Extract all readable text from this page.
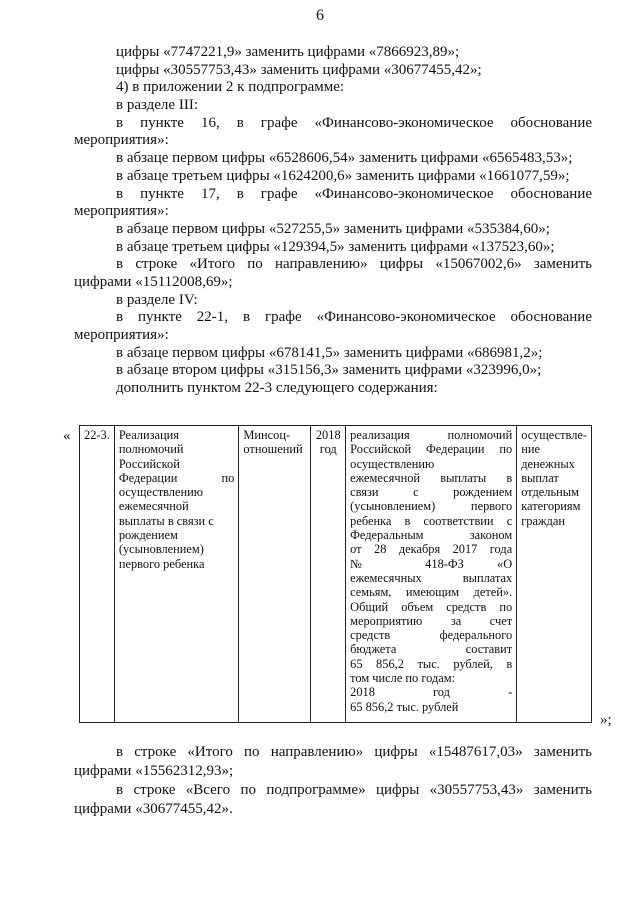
6
цифры «7747221,9» заменить цифрами «7866923,89»;
цифры «30557753,43» заменить цифрами «30677455,42»;
4) в приложении 2 к подпрограмме:
в разделе III:
в пункте 16, в графе «Финансово-экономическое обоснование
мероприятия»:
в абзаце первом цифры «6528606,54» заменить цифрами «6565483,53»;
в абзаце третьем цифры «1624200,6» заменить цифрами «1661077,59»;
в пункте 17, в графе «Финансово-экономическое обоснование
мероприятия»:
в абзаце первом цифры «527255,5» заменить цифрами «535384,60»;
в абзаце третьем цифры «129394,5» заменить цифрами «137523,60»;
в строке «Итого по направлению» цифры «15067002,6» заменить
цифрами «15112008,69»;
в разделе IV:
в пункте 22-1, в графе «Финансово-экономическое обоснование
мероприятия»:
в абзаце первом цифры «678141,5» заменить цифрами «686981,2»;
в абзаце втором цифры «315156,3» заменить цифрами «323996,0»;
дополнить пунктом 22-3 следующего содержания:
« 22-3.	Реализация
полномочий
Российской
Федерации по
осуществлению
ежемесячной
выплаты в связи с
рождением
(усыновлением)
первого ребенка

Минсоц-
отношений

2018
год

реализация полномочий
Российской Федерации по
осуществлению
ежемесячной выплаты в
связи с рождением
(усыновлением) первого
ребенка в соответствии с
Федеральным законом
от 28 декабря 2017 года
№ 418-ФЗ «О
ежемесячных выплатах
семьям, имеющим детей».
Общий объем средств по
мероприятию за счет
средств федерального
бюджета составит
65 856,2 тыс. рублей, в
том числе по годам:
2018 год -
65 856,2 тыс. рублей

осуществле-
ние
денежных
выплат
отдельным
категориям
граждан
»;
в строке «Итого по направлению» цифры «15487617,03» заменить
цифрами «15562312,93»;
в строке «Всего по подпрограмме» цифры «30557753,43» заменить
цифрами «30677455,42».
